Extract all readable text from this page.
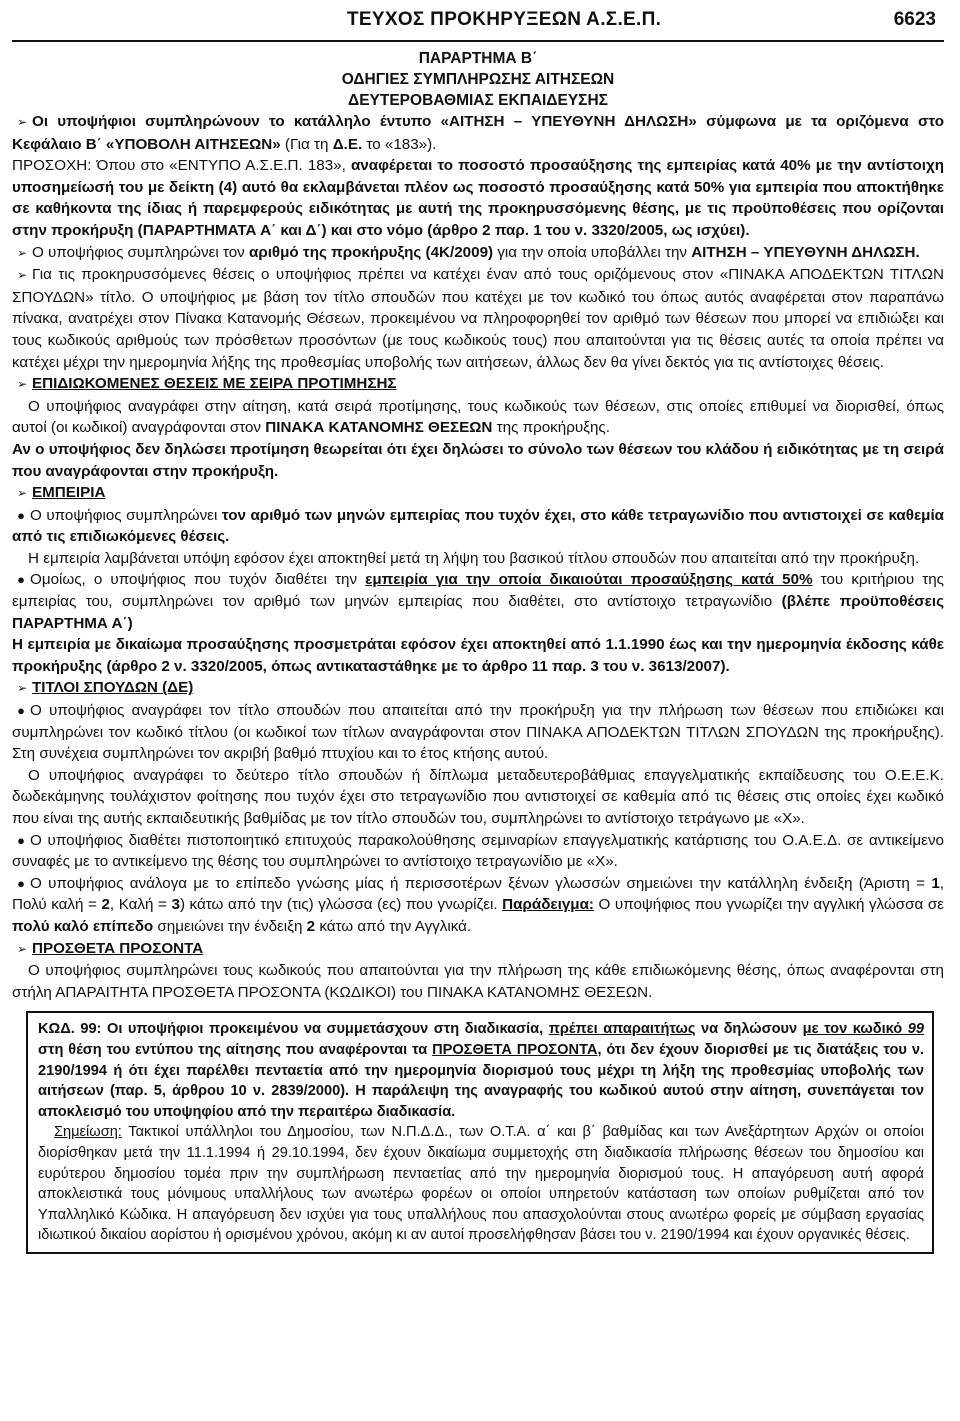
ΤΕΥΧΟΣ ΠΡΟΚΗΡΥΞΕΩΝ Α.Σ.Ε.Π.	6623
ΠΑΡΑΡΤΗΜΑ Β΄
ΟΔΗΓΙΕΣ ΣΥΜΠΛΗΡΩΣΗΣ ΑΙΤΗΣΕΩΝ
ΔΕΥΤΕΡΟΒΑΘΜΙΑΣ ΕΚΠΑΙΔΕΥΣΗΣ

➢ Οι υποψήφιοι συμπληρώνουν το κατάλληλο έντυπο «ΑΙΤΗΣΗ – ΥΠΕΥΘΥΝΗ ΔΗΛΩΣΗ» σύμφωνα με τα οριζόμενα στο Κεφάλαιο Β΄ «ΥΠΟΒΟΛΗ ΑΙΤΗΣΕΩΝ» (Για τη Δ.Ε. το «183»).

ΠΡΟΣΟΧΗ: Όπου στο «ΕΝΤΥΠΟ Α.Σ.Ε.Π. 183», αναφέρεται το ποσοστό προσαύξησης της εμπειρίας κατά 40% με την αντίστοιχη υποσημείωσή του με δείκτη (4) αυτό θα εκλαμβάνεται πλέον ως ποσοστό προσαύξησης κατά 50% για εμπειρία που αποκτήθηκε σε καθήκοντα της ίδιας ή παρεμφερούς ειδικότητας με αυτή της προκηρυσσόμενης θέσης, με τις προϋποθέσεις που ορίζονται στην προκήρυξη (ΠΑΡΑΡΤΗΜΑΤΑ Α΄ και Δ΄) και στο νόμο (άρθρο 2 παρ. 1 του ν. 3320/2005, ως ισχύει).

➢ Ο υποψήφιος συμπληρώνει τον αριθμό της προκήρυξης (4Κ/2009) για την οποία υποβάλλει την ΑΙΤΗΣΗ – ΥΠΕΥΘΥΝΗ ΔΗΛΩΣΗ.

➢ Για τις προκηρυσσόμενες θέσεις ο υποψήφιος πρέπει να κατέχει έναν από τους οριζόμενους στον «ΠΙΝΑΚΑ ΑΠΟΔΕΚΤΩΝ ΤΙΤΛΩΝ ΣΠΟΥΔΩΝ» τίτλο. Ο υποψήφιος με βάση τον τίτλο σπουδών που κατέχει με τον κωδικό του όπως αυτός αναφέρεται στον παραπάνω πίνακα, ανατρέχει στον Πίνακα Κατανομής Θέσεων, προκειμένου να πληροφορηθεί τον αριθμό των θέσεων που μπορεί να επιδιώξει και τους κωδικούς αριθμούς των πρόσθετων προσόντων (με τους κωδικούς τους) που απαιτούνται για τις θέσεις αυτές τα οποία πρέπει να κατέχει μέχρι την ημερομηνία λήξης της προθεσμίας υποβολής των αιτήσεων, άλλως δεν θα γίνει δεκτός για τις αντίστοιχες θέσεις.

➢ ΕΠΙΔΙΩΚΟΜΕΝΕΣ ΘΕΣΕΙΣ ΜΕ ΣΕΙΡΑ ΠΡΟΤΙΜΗΣΗΣ

Ο υποψήφιος αναγράφει στην αίτηση, κατά σειρά προτίμησης, τους κωδικούς των θέσεων, στις οποίες επιθυμεί να διορισθεί, όπως αυτοί (οι κωδικοί) αναγράφονται στον ΠΙΝΑΚΑ ΚΑΤΑΝΟΜΗΣ ΘΕΣΕΩΝ της προκήρυξης.

Αν ο υποψήφιος δεν δηλώσει προτίμηση θεωρείται ότι έχει δηλώσει το σύνολο των θέσεων του κλάδου ή ειδικότητας με τη σειρά που αναγράφονται στην προκήρυξη.

➢ ΕΜΠΕΙΡΙΑ

● Ο υποψήφιος συμπληρώνει τον αριθμό των μηνών εμπειρίας που τυχόν έχει, στο κάθε τετραγωνίδιο που αντιστοιχεί σε καθεμία από τις επιδιωκόμενες θέσεις.

Η εμπειρία λαμβάνεται υπόψη εφόσον έχει αποκτηθεί μετά τη λήψη του βασικού τίτλου σπουδών που απαιτείται από την προκήρυξη.

● Ομοίως, ο υποψήφιος που τυχόν διαθέτει την εμπειρία για την οποία δικαιούται προσαύξησης κατά 50% του κριτήριου της εμπειρίας του, συμπληρώνει τον αριθμό των μηνών εμπειρίας που διαθέτει, στο αντίστοιχο τετραγωνίδιο (βλέπε προϋποθέσεις ΠΑΡΑΡΤΗΜΑ Α΄)

Η εμπειρία με δικαίωμα προσαύξησης προσμετράται εφόσον έχει αποκτηθεί από 1.1.1990 έως και την ημερομηνία έκδοσης κάθε προκήρυξης (άρθρο 2 ν. 3320/2005, όπως αντικαταστάθηκε με το άρθρο 11 παρ. 3 του ν. 3613/2007).

➢ ΤΙΤΛΟΙ ΣΠΟΥΔΩΝ (ΔΕ)

● Ο υποψήφιος αναγράφει τον τίτλο σπουδών που απαιτείται από την προκήρυξη για την πλήρωση των θέσεων που επιδιώκει και συμπληρώνει τον κωδικό τίτλου (οι κωδικοί των τίτλων αναγράφονται στον ΠΙΝΑΚΑ ΑΠΟΔΕΚΤΩΝ ΤΙΤΛΩΝ ΣΠΟΥΔΩΝ της προκήρυξης). Στη συνέχεια συμπληρώνει τον ακριβή βαθμό πτυχίου και το έτος κτήσης αυτού.

Ο υποψήφιος αναγράφει το δεύτερο τίτλο σπουδών ή δίπλωμα μεταδευτεροβάθμιας επαγγελματικής εκπαίδευσης του Ο.Ε.Ε.Κ. δωδεκάμηνης τουλάχιστον φοίτησης που τυχόν έχει στο τετραγωνίδιο που αντιστοιχεί σε καθεμία από τις θέσεις στις οποίες έχει κωδικό που είναι της αυτής εκπαιδευτικής βαθμίδας με τον τίτλο σπουδών του, συμπληρώνει το αντίστοιχο τετράγωνο με «Χ».

● Ο υποψήφιος διαθέτει πιστοποιητικό επιτυχούς παρακολούθησης σεμιναρίων επαγγελματικής κατάρτισης του Ο.Α.Ε.Δ. σε αντικείμενο συναφές με το αντικείμενο της θέσης του συμπληρώνει το αντίστοιχο τετραγωνίδιο με «Χ».

● Ο υποψήφιος ανάλογα με το επίπεδο γνώσης μίας ή περισσοτέρων ξένων γλωσσών σημειώνει την κατάλληλη ένδειξη (Άριστη = 1, Πολύ καλή = 2, Καλή = 3) κάτω από την (τις) γλώσσα (ες) που γνωρίζει. Παράδειγμα: Ο υποψήφιος που γνωρίζει την αγγλική γλώσσα σε πολύ καλό επίπεδο σημειώνει την ένδειξη 2 κάτω από την Αγγλικά.

➢ ΠΡΟΣΘΕΤΑ ΠΡΟΣΟΝΤΑ

Ο υποψήφιος συμπληρώνει τους κωδικούς που απαιτούνται για την πλήρωση της κάθε επιδιωκόμενης θέσης, όπως αναφέρονται στη στήλη ΑΠΑΡΑΙΤΗΤΑ ΠΡΟΣΘΕΤΑ ΠΡΟΣΟΝΤΑ (ΚΩΔΙΚΟΙ) του ΠΙΝΑΚΑ ΚΑΤΑΝΟΜΗΣ ΘΕΣΕΩΝ.

ΚΩΔ. 99: Οι υποψήφιοι προκειμένου να συμμετάσχουν στη διαδικασία, πρέπει απαραιτήτως να δηλώσουν με τον κωδικό 99 στη θέση του εντύπου της αίτησης που αναφέρονται τα ΠΡΟΣΘΕΤΑ ΠΡΟΣΟΝΤΑ, ότι δεν έχουν διορισθεί με τις διατάξεις του ν. 2190/1994 ή ότι έχει παρέλθει πενταετία από την ημερομηνία διορισμού τους μέχρι τη λήξη της προθεσμίας υποβολής των αιτήσεων (παρ. 5, άρθρου 10 ν. 2839/2000). Η παράλειψη της αναγραφής του κωδικού αυτού στην αίτηση, συνεπάγεται τον αποκλεισμό του υποψηφίου από την περαιτέρω διαδικασία.

Σημείωση: Τακτικοί υπάλληλοι του Δημοσίου, των Ν.Π.Δ.Δ., των Ο.Τ.Α. α΄ και β΄ βαθμίδας και των Ανεξάρτητων Αρχών οι οποίοι διορίσθηκαν μετά την 11.1.1994 ή 29.10.1994, δεν έχουν δικαίωμα συμμετοχής στη διαδικασία πλήρωσης θέσεων του δημοσίου και ευρύτερου δημοσίου τομέα πριν την συμπλήρωση πενταετίας από την ημερομηνία διορισμού τους. Η απαγόρευση αυτή αφορά αποκλειστικά τους μόνιμους υπαλλήλους των ανωτέρω φορέων οι οποίοι υπηρετούν κατάσταση των οποίων ρυθμίζεται από τον Υπαλληλικό Κώδικα. Η απαγόρευση δεν ισχύει για τους υπαλλήλους που απασχολούνται στους ανωτέρω φορείς με σύμβαση εργασίας ιδιωτικού δικαίου αορίστου ή ορισμένου χρόνου, ακόμη κι αν αυτοί προσελήφθησαν βάσει του ν. 2190/1994 και έχουν οργανικές θέσεις.
